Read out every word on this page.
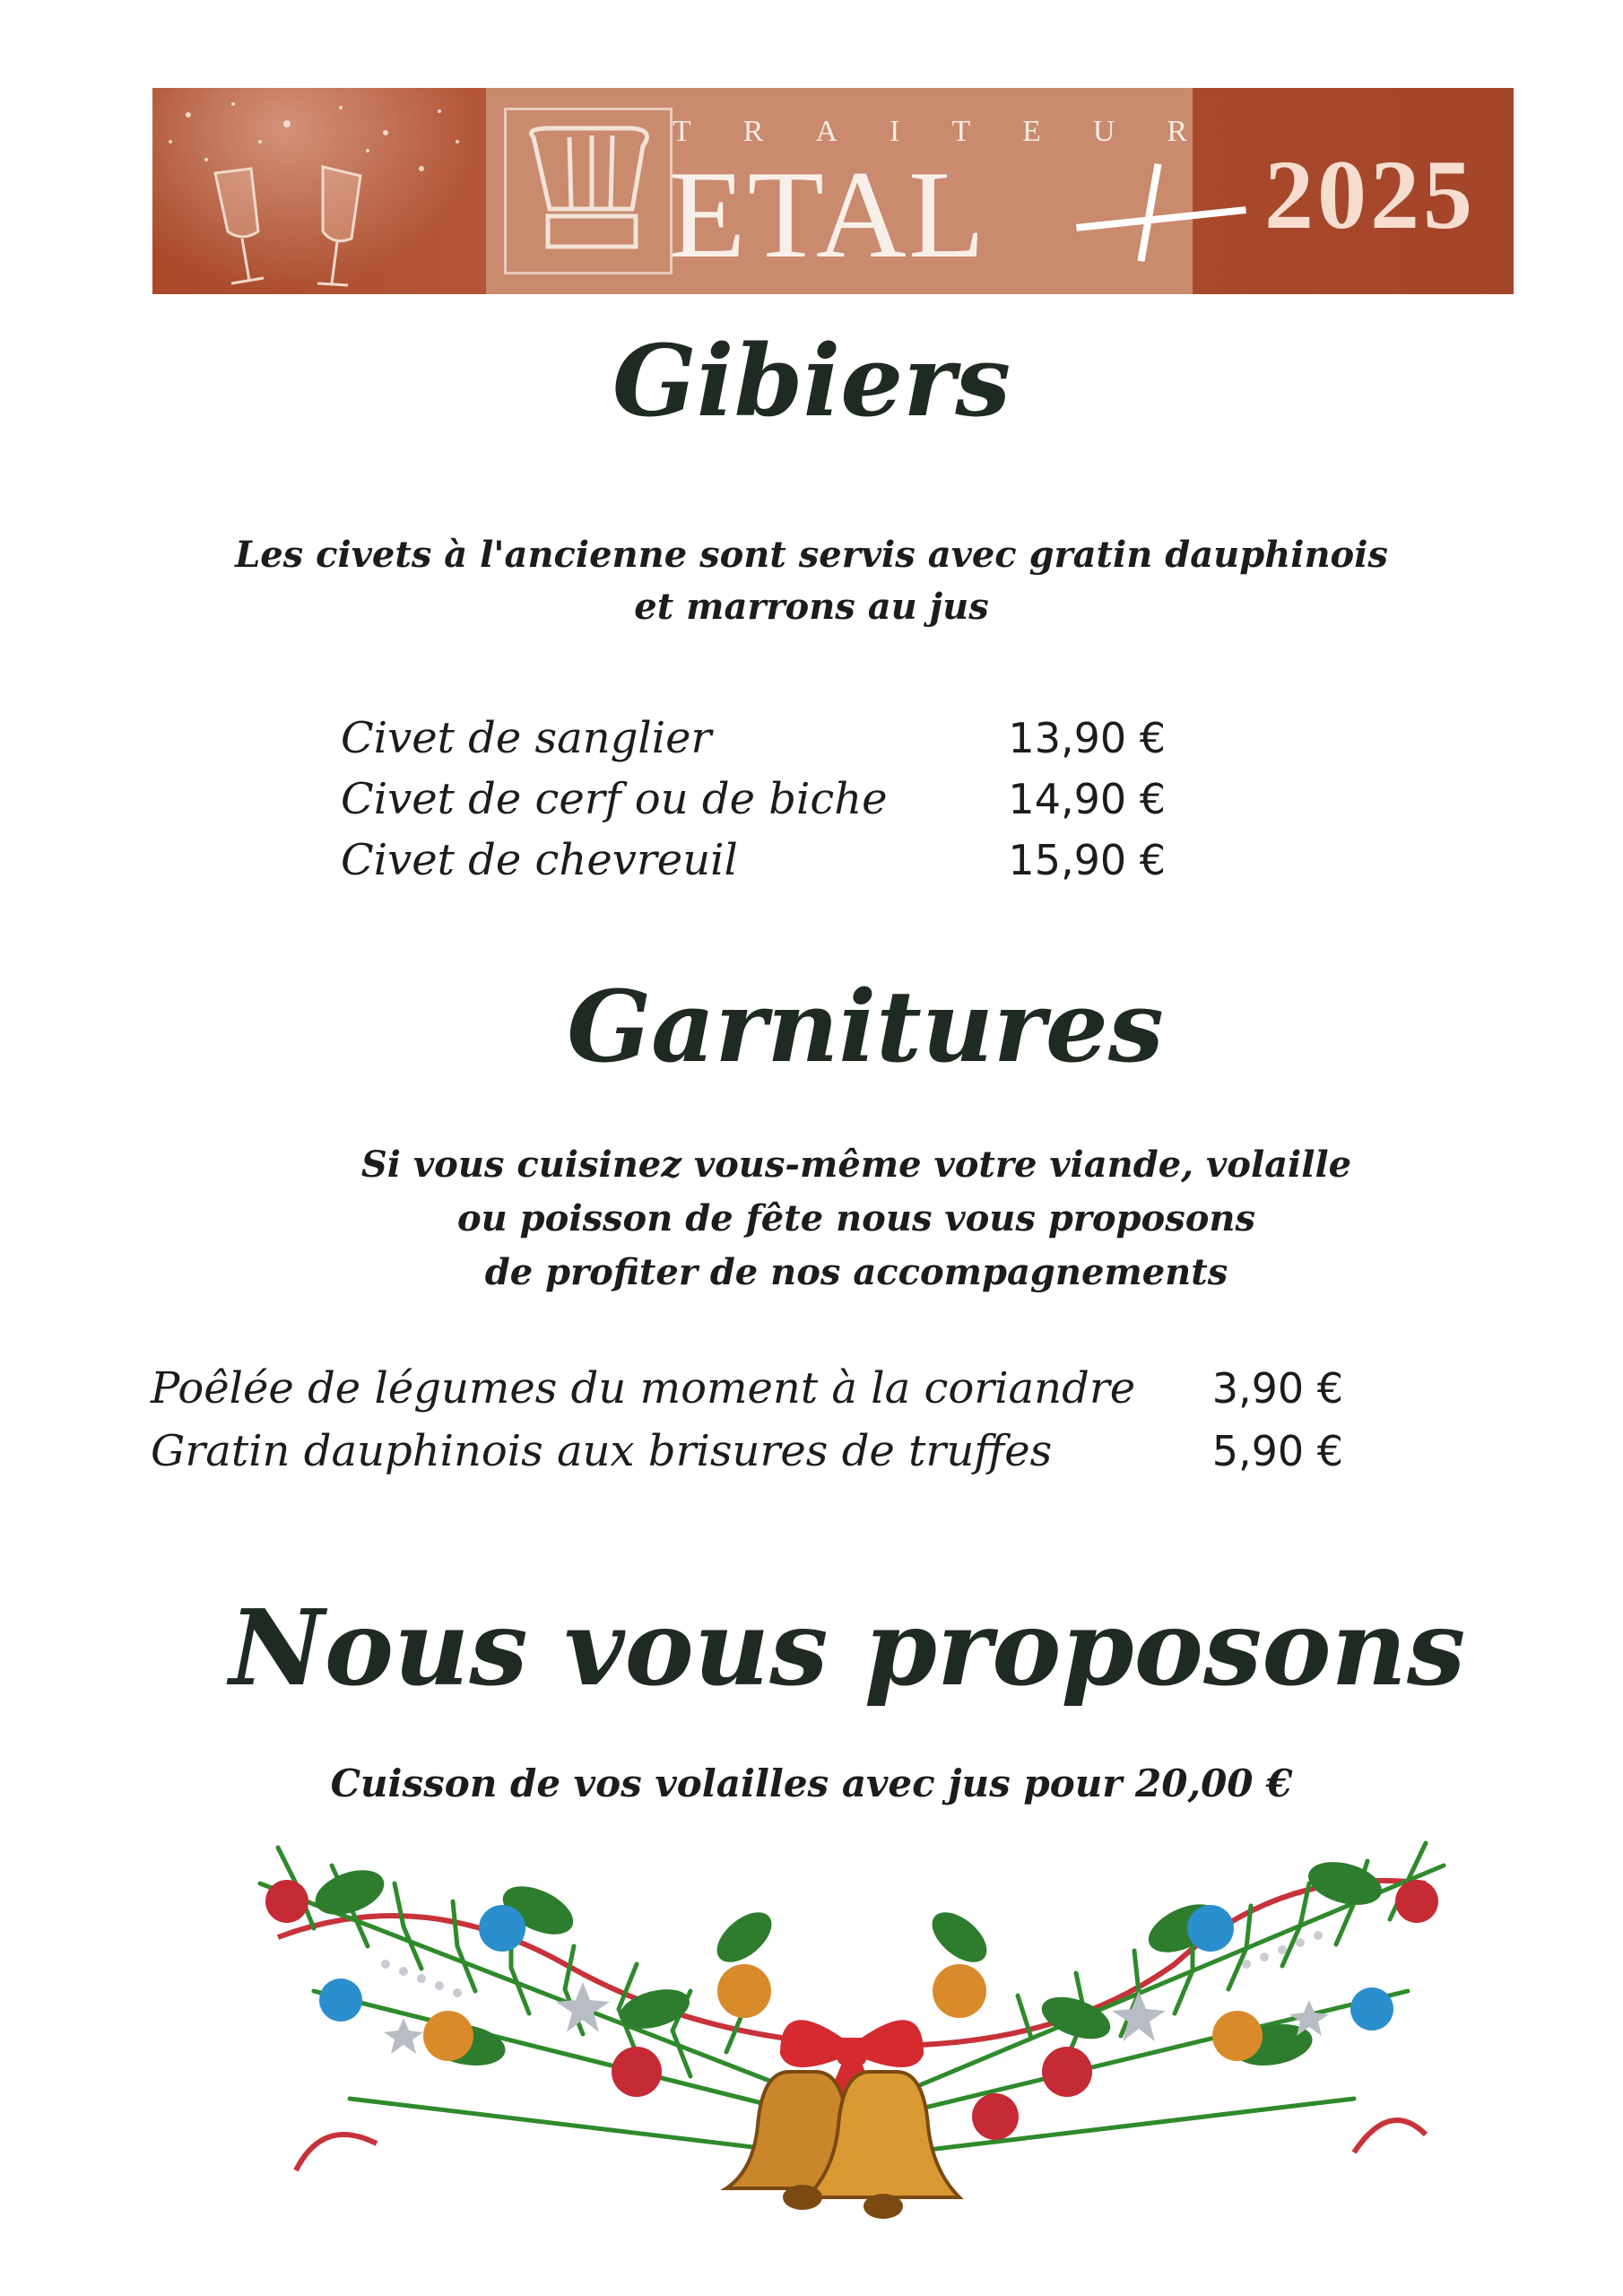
TRAITEUR
ETAL	2025
Gibiers

Les civets à l'ancienne sont servis avec gratin dauphinois

et marrons au jus

Civet de sanglier	13,90 €
Civet de cerf ou de biche	14,90 €
Civet de chevreuil	15,90 €
Garnitures

Si vous cuisinez vous-même votre viande, volaille

ou poisson de fête nous vous proposons

de profiter de nos accompagnements

Poêlée de légumes du moment à la coriandre 3,90 €
Gratin dauphinois aux brisures de truffes	5,90 €
Nous vous proposons

Cuisson de vos volailles avec jus pour 20,00 €
